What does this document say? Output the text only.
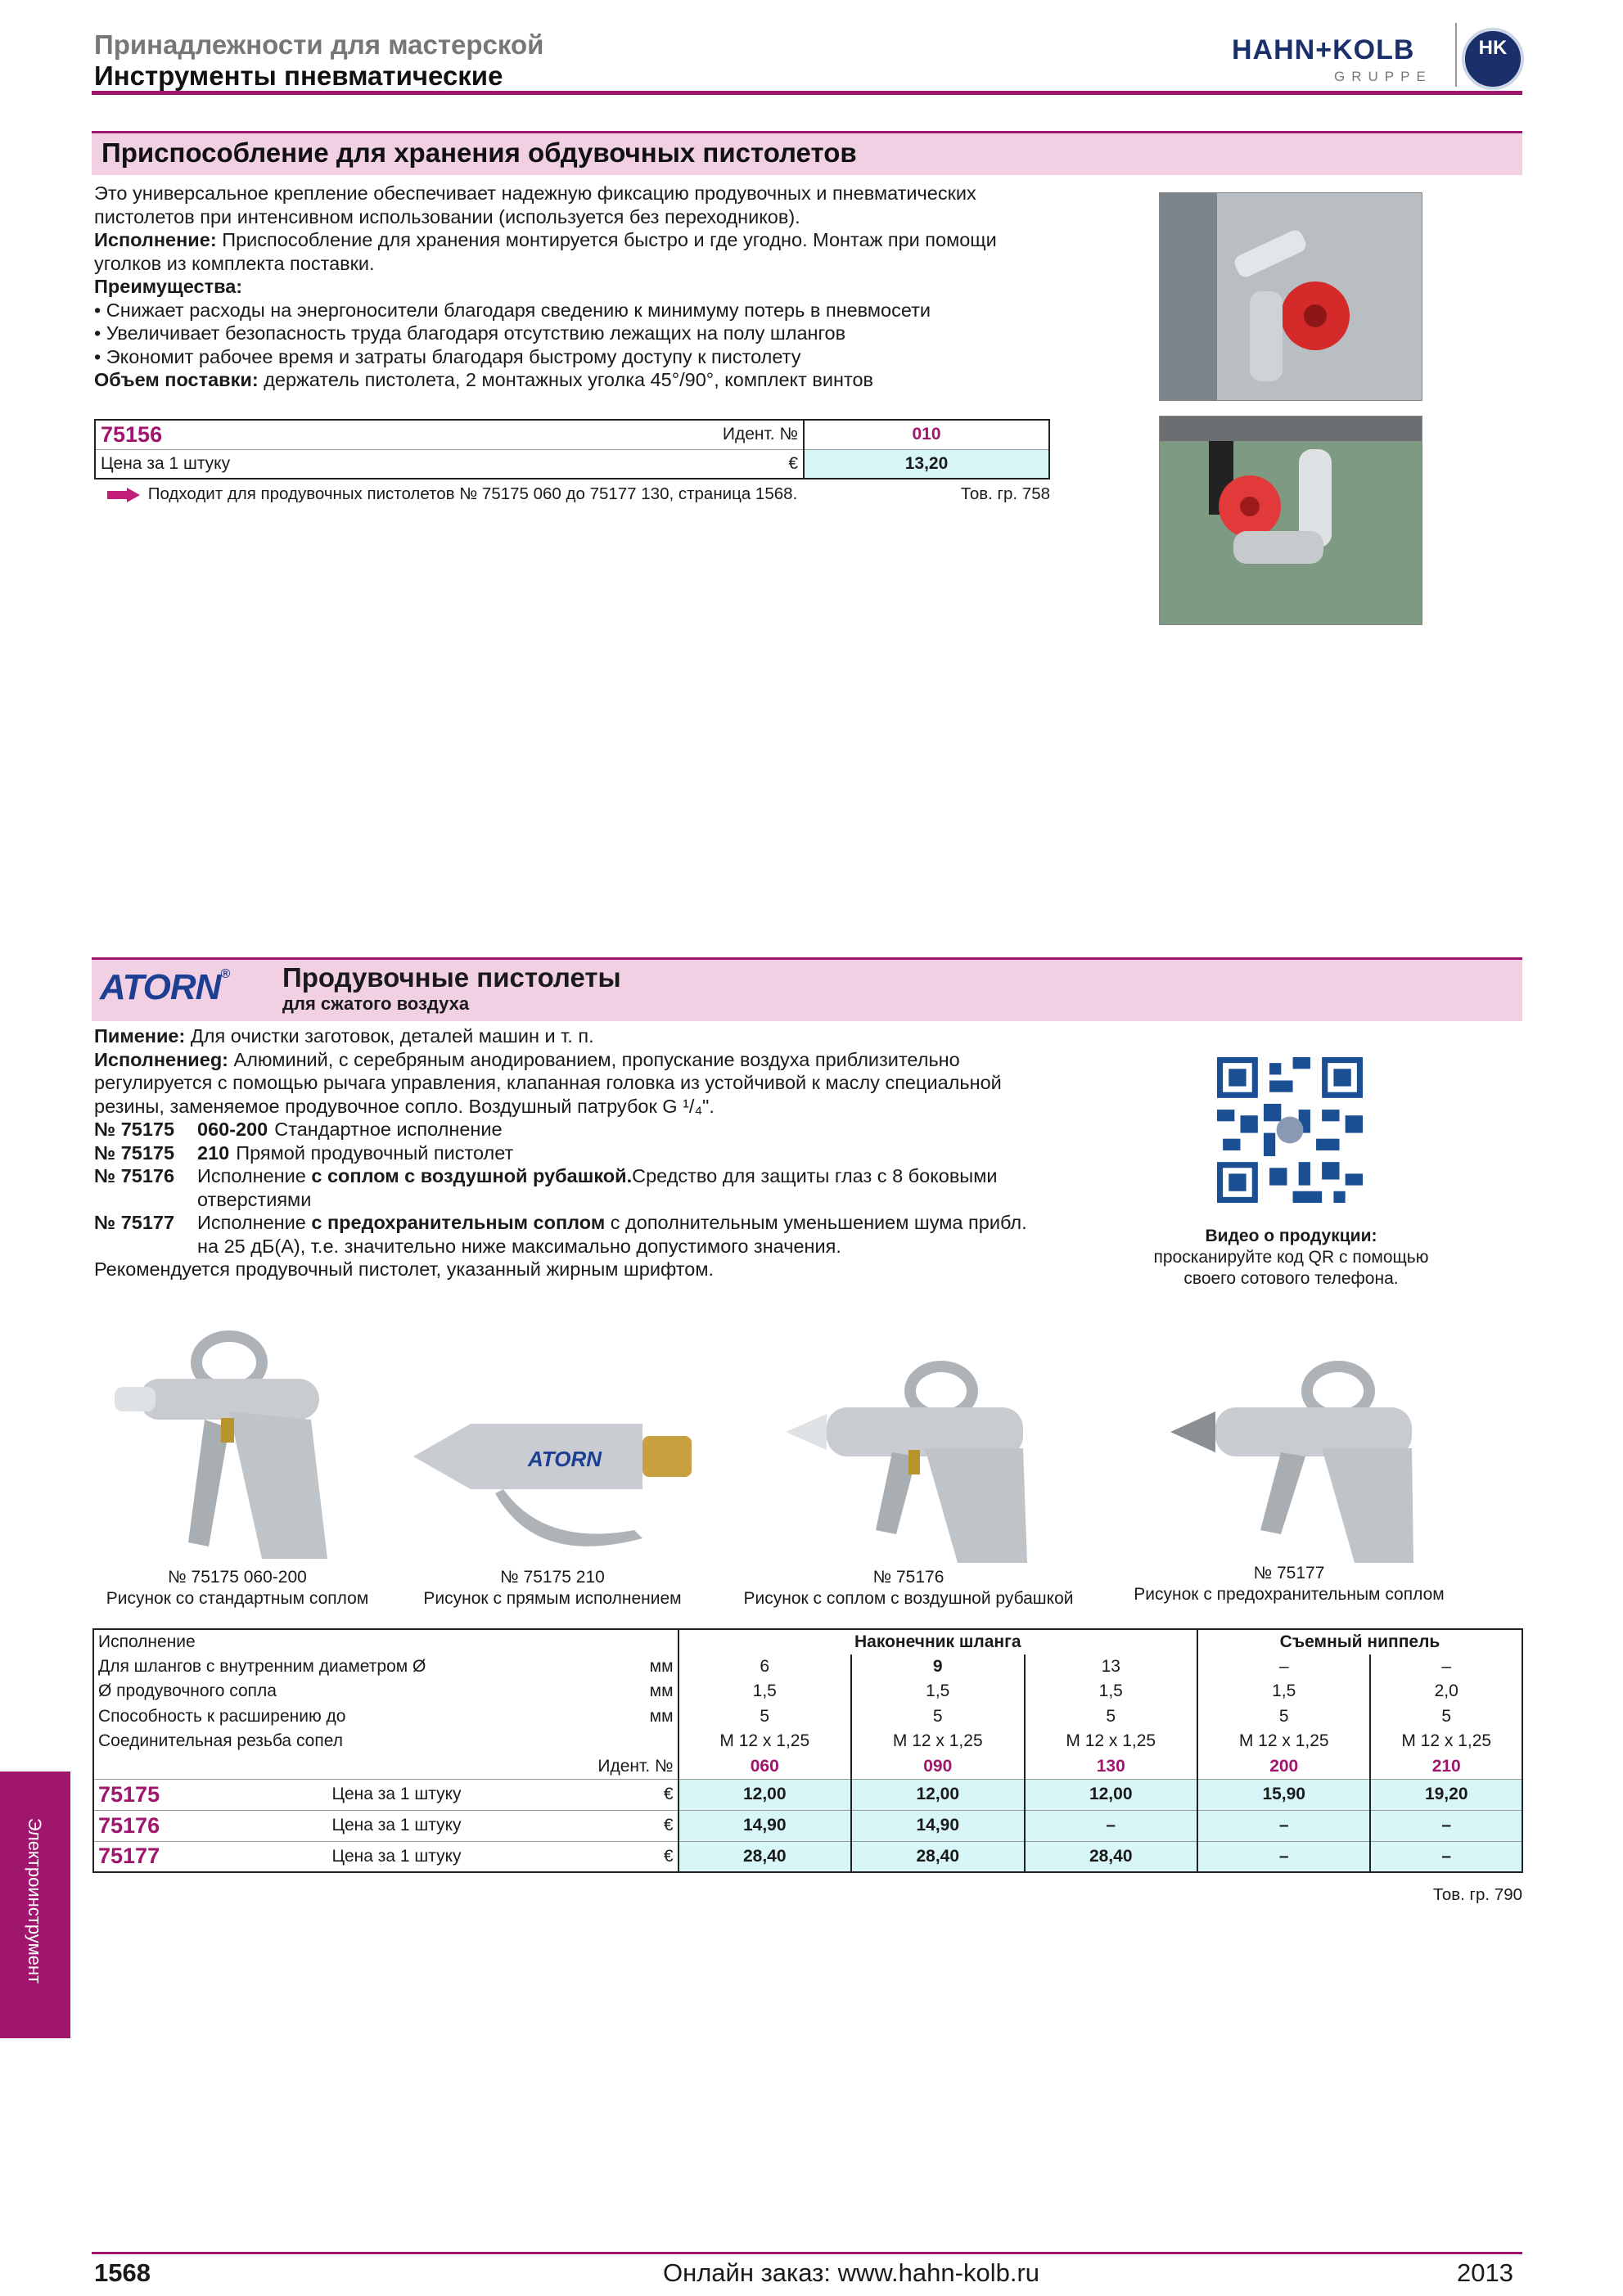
Принадлежности для мастерской
Инструменты пневматические
HAHN+KOLB
GRUPPE
HK
Приспособление для хранения обдувочных пистолетов
Это универсальное крепление обеспечивает надежную фиксацию продувочных и пневматических пистолетов при интенсивном использовании (используется без переходников).
Исполнение: Приспособление для хранения монтируется быстро и где угодно. Монтаж при помощи уголков из комплекта поставки.
Преимущества:
• Снижает расходы на энергоносители благодаря сведению к минимуму потерь в пневмосети
• Увеличивает безопасность труда благодаря отсутствию лежащих на полу шлангов
• Экономит рабочее время и затраты благодаря быстрому доступу к пистолету
Объем поставки: держатель пистолета, 2 монтажных уголка 45°/90°, комплект винтов
75156	Идент. №	010
Цена за 1 штуку	€	13,20
Подходит для продувочных пистолетов № 75175 060 до 75177 130, страница 1568.	Тов. гр. 758
ATORN®	Продувочные пистолеты
для сжатого воздуха
Пимение: Для очистки заготовок, деталей машин и т. п.
Исполнениеg: Алюминий, с серебряным анодированием, пропускание воздуха приблизительно регулируется с помощью рычага управления, клапанная головка из устойчивой к маслу специальной резины, заменяемое продувочное сопло. Воздушный патрубок G ¹/₄".
№ 75175	060-200 Стандартное исполнение
№ 75175	210 Прямой продувочный пистолет
№ 75176	Исполнение с соплом с воздушной рубашкой.Средство для защиты глаз с 8 боковыми отверстиями
№ 75177	Исполнение с предохранительным соплом с дополнительным уменьшением шума прибл. на 25 дБ(А), т.е. значительно ниже максимально допустимого значения.
Рекомендуется продувочный пистолет, указанный жирным шрифтом.
Видео о продукции:
просканируйте код QR с помощью своего сотового телефона.
ATORN
№ 75175 060-200
Рисунок со стандартным соплом
№ 75175 210
Рисунок с прямым исполнением
№ 75176
Рисунок с соплом с воздушной рубашкой
№ 75177
Рисунок с предохранительным соплом
Исполнение			Наконечник шланга			Съемный ниппель	
Для шлангов с внутренним диаметром Ø		мм	6	9	13	–	–
Ø продувочного сопла		мм	1,5	1,5	1,5	1,5	2,0
Способность к расширению до		мм	5	5	5	5	5
Соединительная резьба сопел			M 12 x 1,25	M 12 x 1,25	M 12 x 1,25	M 12 x 1,25	M 12 x 1,25
Идент. №			060	090	130	200	210
75175	Цена за 1 штуку	€	12,00	12,00	12,00	15,90	19,20
75176	Цена за 1 штуку	€	14,90	14,90	–	–	–
75177	Цена за 1 штуку	€	28,40	28,40	28,40	–	–
Тов. гр. 790
Электроинструмент
1568	Онлайн заказ: www.hahn-kolb.ru	2013
